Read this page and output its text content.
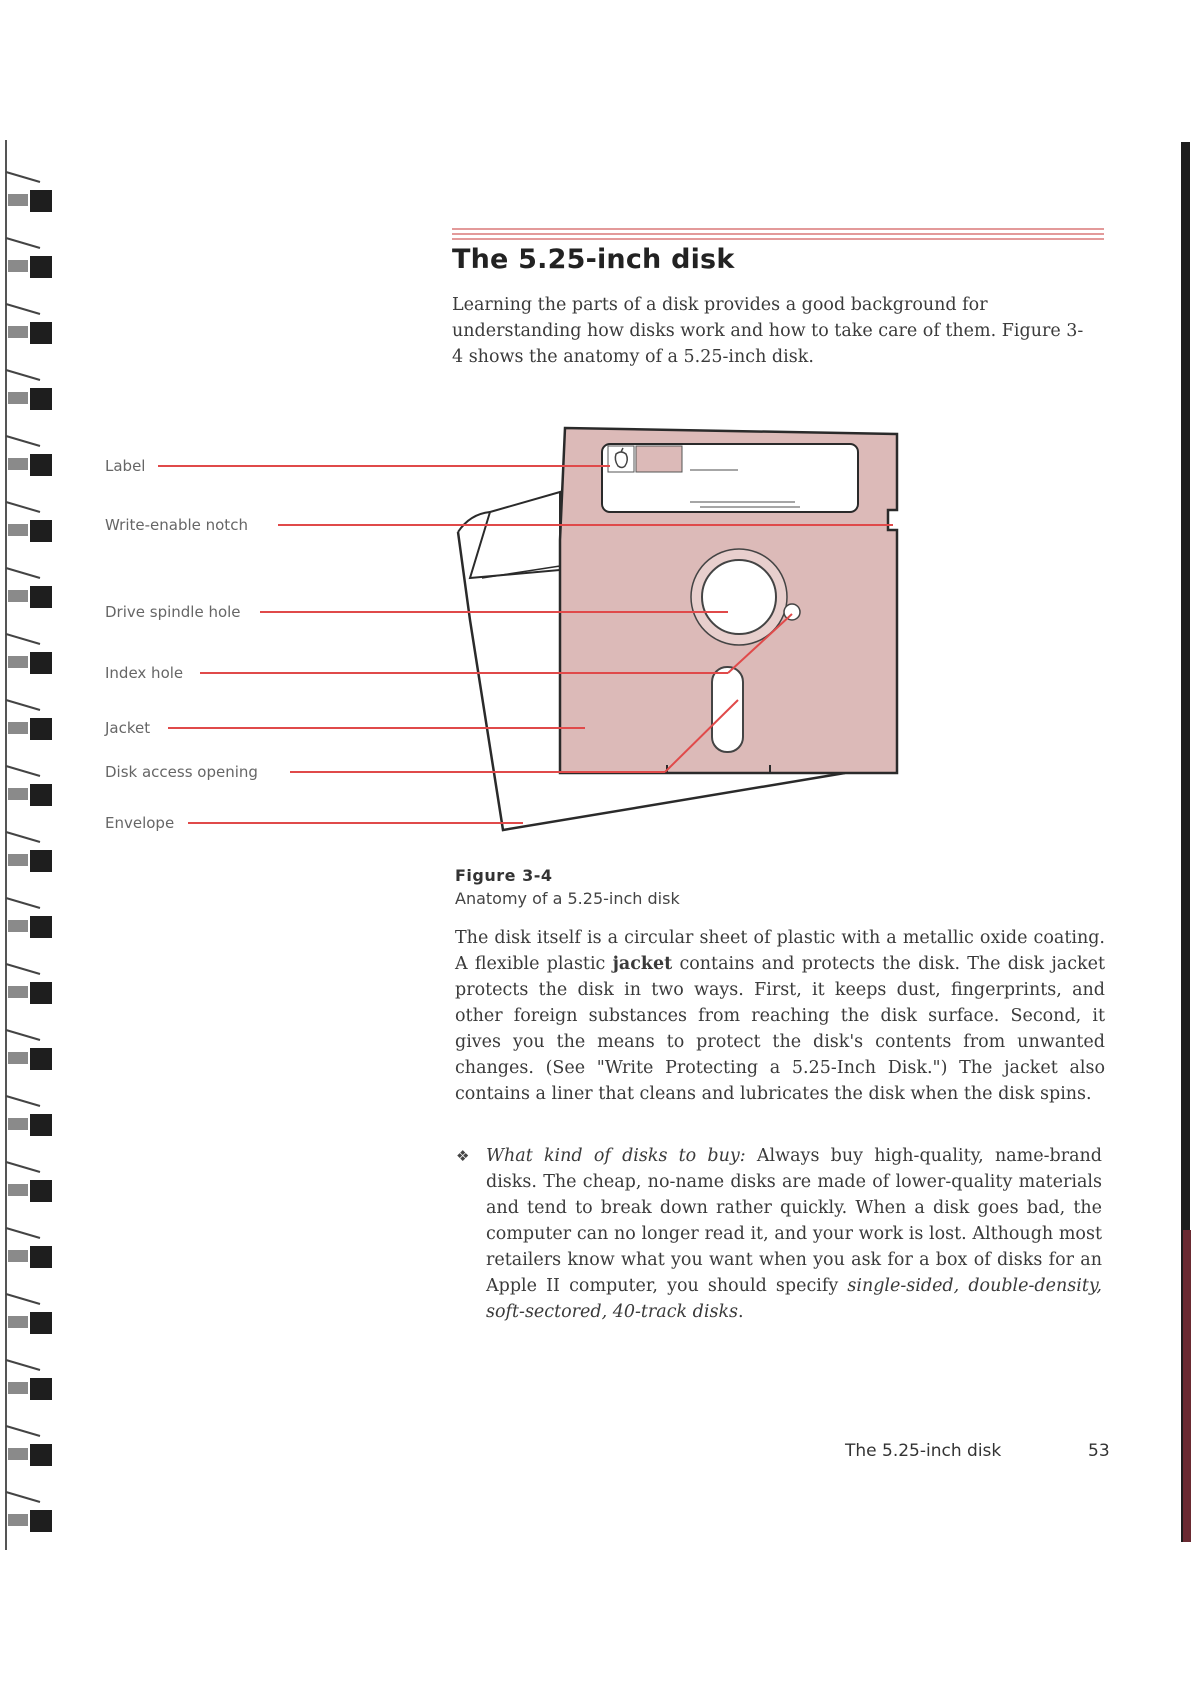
The 5.25-inch disk

Learning the parts of a disk provides a good background for understanding how disks work and how to take care of them. Figure 3-4 shows the anatomy of a 5.25-inch disk.

Label
Write-enable notch
Drive spindle hole
Index hole
Jacket
Disk access opening
Envelope
Figure 3-4
Anatomy of a 5.25-inch disk

The disk itself is a circular sheet of plastic with a metallic oxide coating. A flexible plastic jacket contains and protects the disk. The disk jacket protects the disk in two ways. First, it keeps dust, fingerprints, and other foreign substances from reaching the disk surface. Second, it gives you the means to protect the disk's contents from unwanted changes. (See "Write Protecting a 5.25-Inch Disk.") The jacket also contains a liner that cleans and lubricates the disk when the disk spins.

❖ What kind of disks to buy: Always buy high-quality, name-brand disks. The cheap, no-name disks are made of lower-quality materials and tend to break down rather quickly. When a disk goes bad, the computer can no longer read it, and your work is lost. Although most retailers know what you want when you ask for a box of disks for an Apple II computer, you should specify single-sided, double-density, soft-sectored, 40-track disks.

The 5.25-inch disk	53
